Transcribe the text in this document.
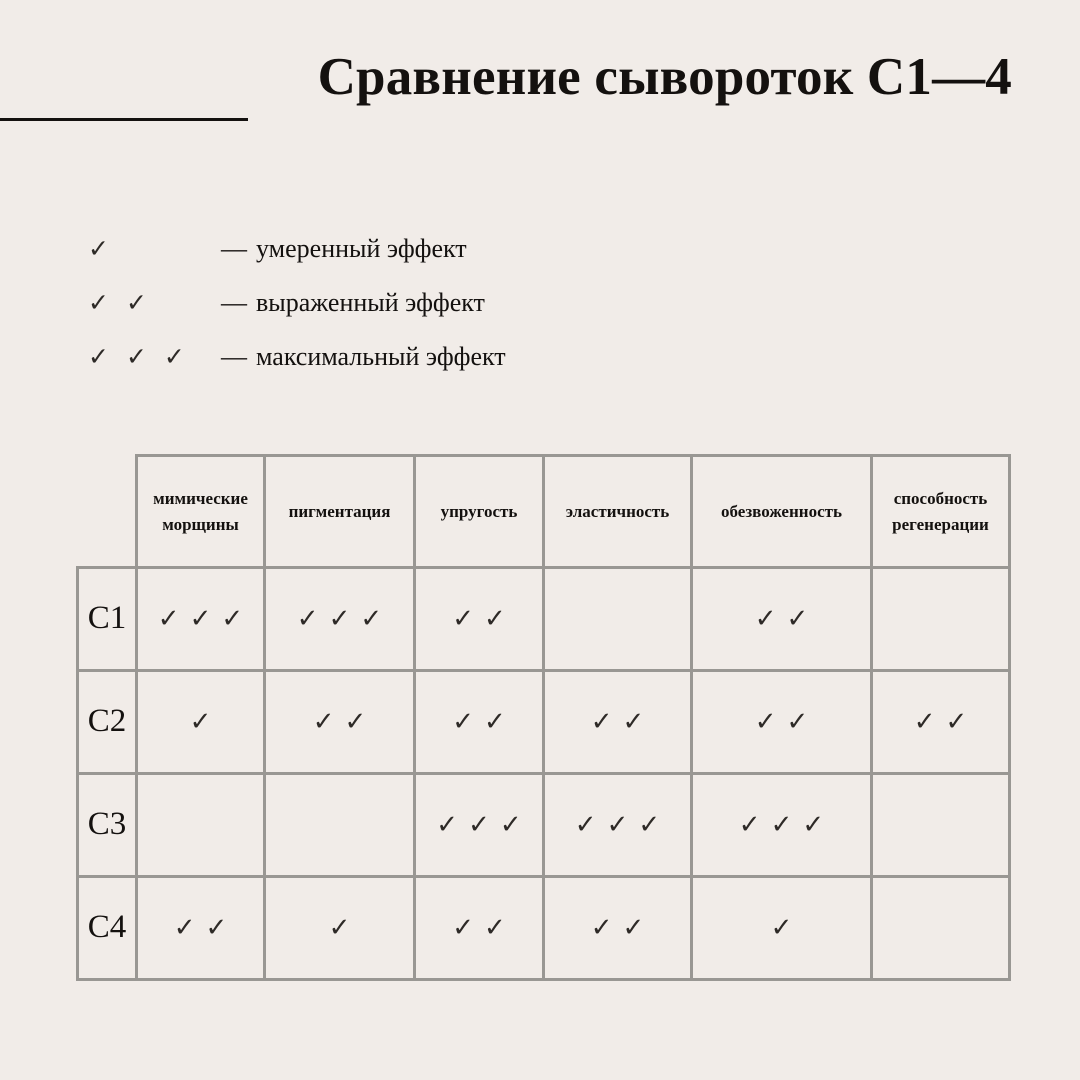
Сравнение сывороток С1—4
✓	— умеренный эффект
✓ ✓	— выраженный эффект
✓ ✓ ✓ — максимальный эффект
	мимические морщины	пигментация	упругость	эластичность	обезвоженность	способность регенерации
С1	✓ ✓ ✓	✓ ✓ ✓	✓ ✓		✓ ✓	

С2	✓	✓ ✓	✓ ✓	✓ ✓	✓ ✓	✓ ✓

С3			✓ ✓ ✓	✓ ✓ ✓	✓ ✓ ✓	

С4	✓ ✓	✓	✓ ✓	✓ ✓	✓	
